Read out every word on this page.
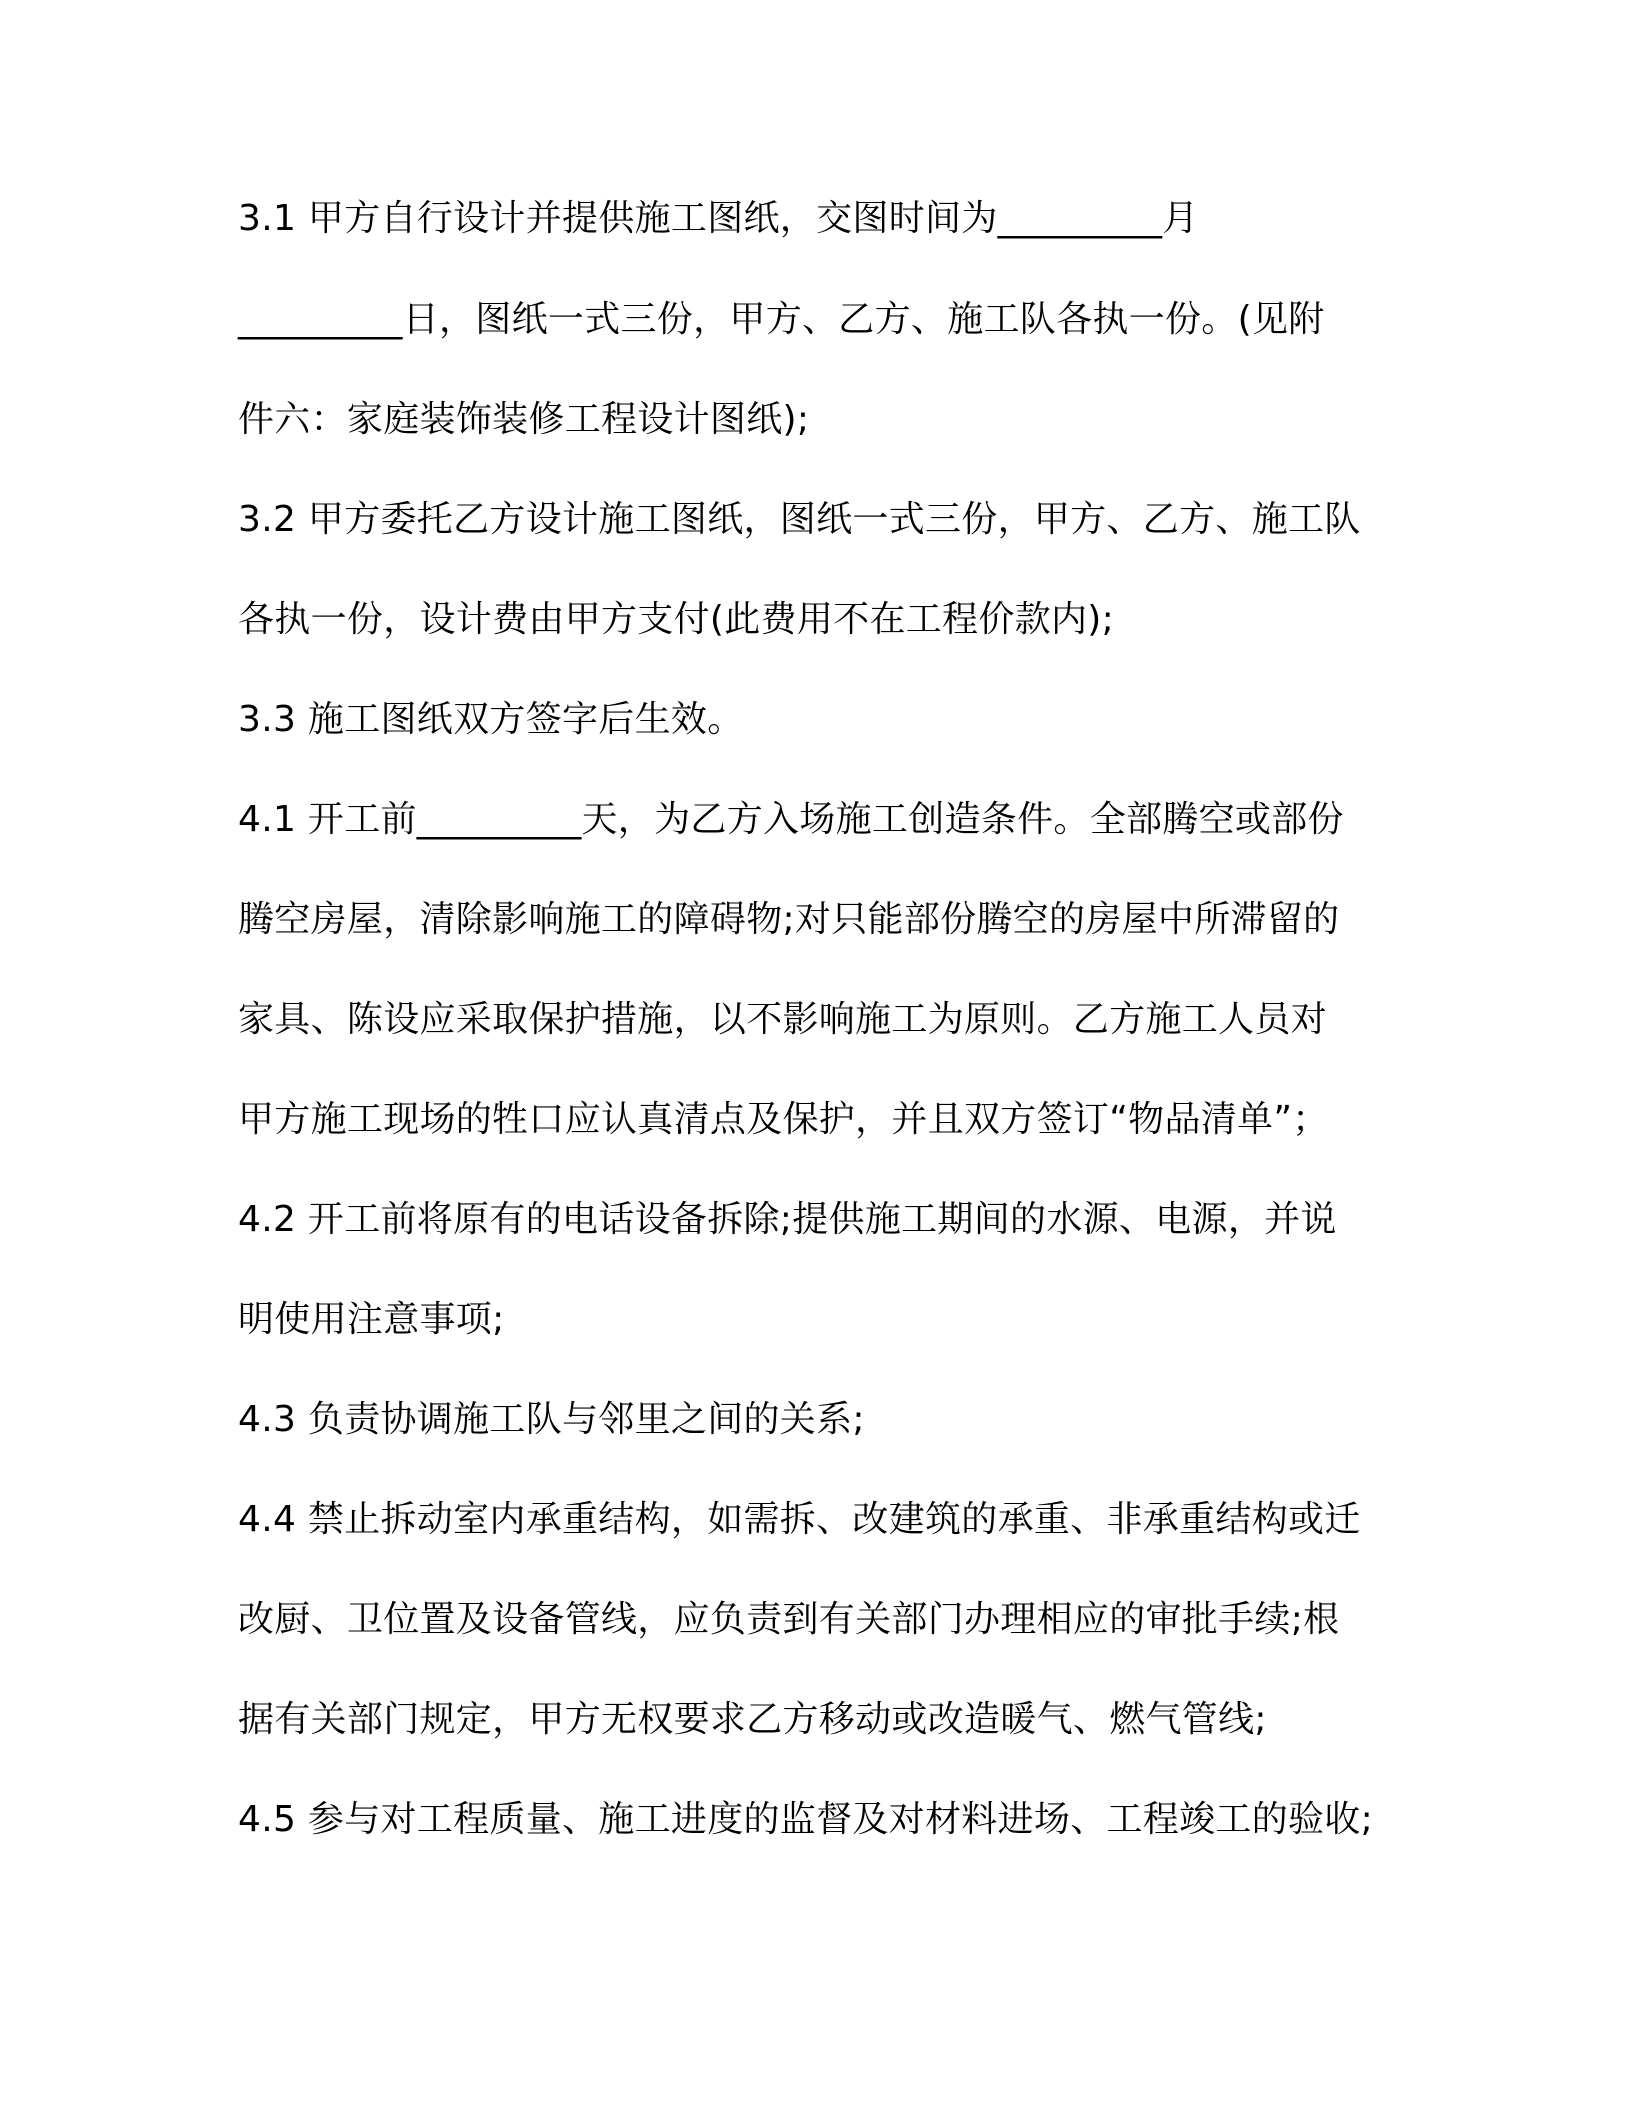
3.1 甲方自行设计并提供施工图纸，交图时间为_________月
_________日，图纸一式三份，甲方、乙方、施工队各执一份。(见附
件六：家庭装饰装修工程设计图纸);
3.2 甲方委托乙方设计施工图纸，图纸一式三份，甲方、乙方、施工队
各执一份，设计费由甲方支付(此费用不在工程价款内);
3.3 施工图纸双方签字后生效。
4.1 开工前_________天，为乙方入场施工创造条件。全部腾空或部份
腾空房屋，清除影响施工的障碍物;对只能部份腾空的房屋中所滞留的
家具、陈设应采取保护措施，以不影响施工为原则。乙方施工人员对
甲方施工现场的牲口应认真清点及保护，并且双方签订“物品清单”；
4.2 开工前将原有的电话设备拆除;提供施工期间的水源、电源，并说
明使用注意事项;
4.3 负责协调施工队与邻里之间的关系;
4.4 禁止拆动室内承重结构，如需拆、改建筑的承重、非承重结构或迁
改厨、卫位置及设备管线，应负责到有关部门办理相应的审批手续;根
据有关部门规定，甲方无权要求乙方移动或改造暖气、燃气管线;
4.5 参与对工程质量、施工进度的监督及对材料进场、工程竣工的验收;
